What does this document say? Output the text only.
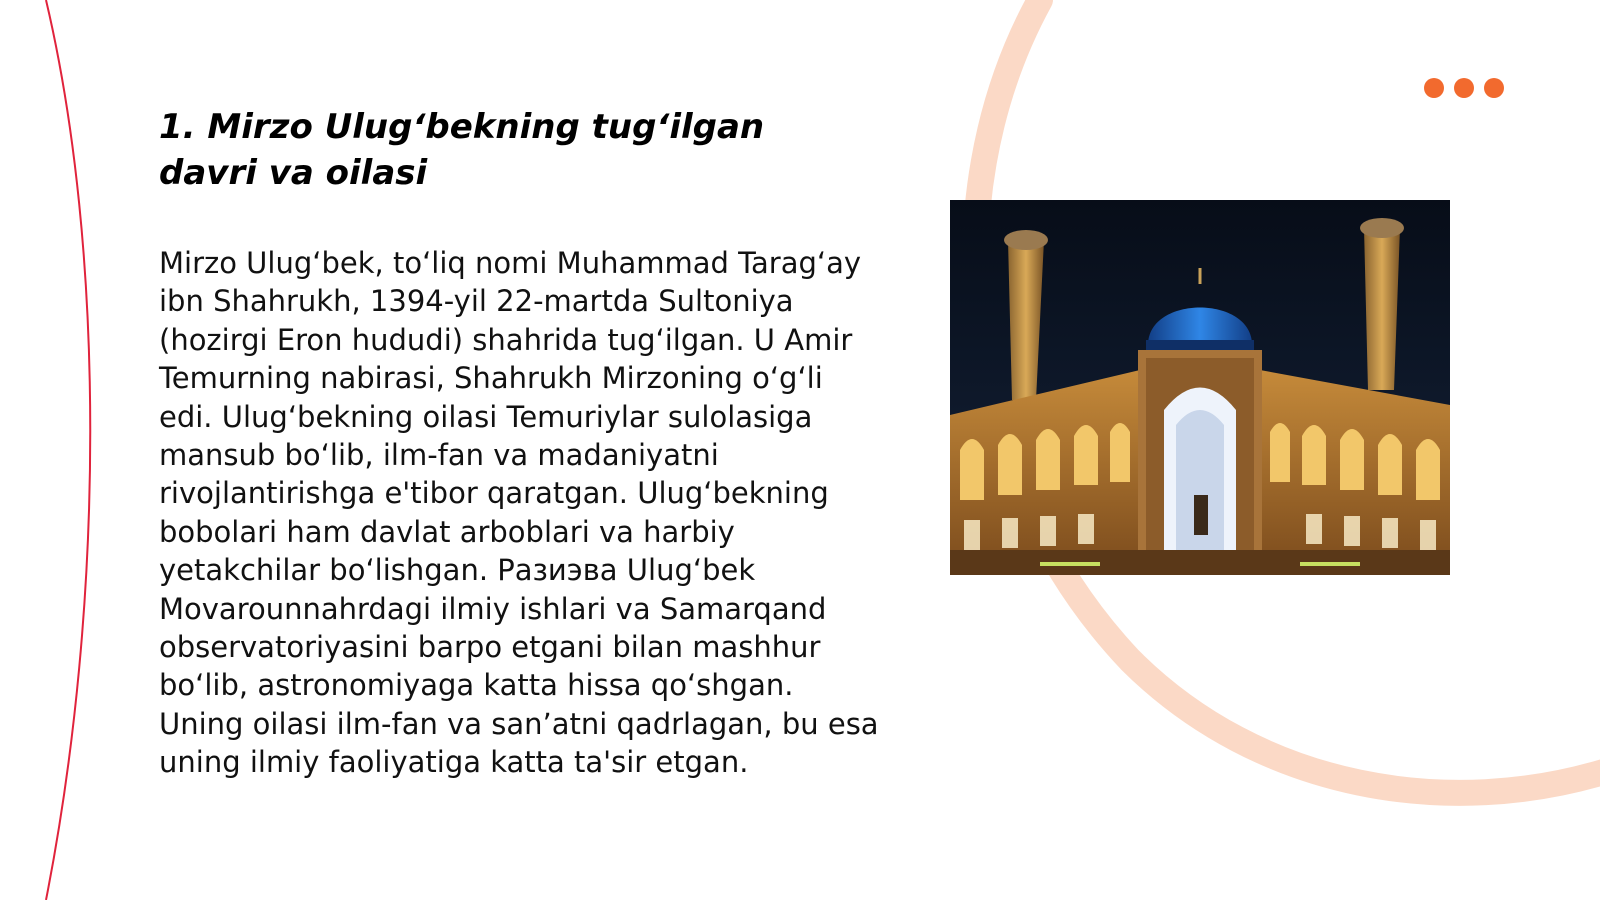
1. Mirzo Ulug‘bekning tug‘ilgan davri va oilasi

Mirzo Ulug‘bek, to‘liq nomi Muhammad Tarag‘ay ibn Shahrukh, 1394-yil 22-martda Sultoniya (hozirgi Eron hududi) shahrida tug‘ilgan. U Amir Temurning nabirasi, Shahrukh Mirzoning o‘g‘li edi. Ulug‘bekning oilasi Temuriylar sulolasiga mansub bo‘lib, ilm-fan va madaniyatni rivojlantirishga e'tibor qaratgan. Ulug‘bekning bobolari ham davlat arboblari va harbiy yetakchilar bo‘lishgan. Разиэва Ulug‘bek Movarounnahrdagi ilmiy ishlari va Samarqand observatoriyasini barpo etgani bilan mashhur bo‘lib, astronomiyaga katta hissa qo‘shgan. Uning oilasi ilm-fan va san’atni qadrlagan, bu esa uning ilmiy faoliyatiga katta ta'sir etgan.
